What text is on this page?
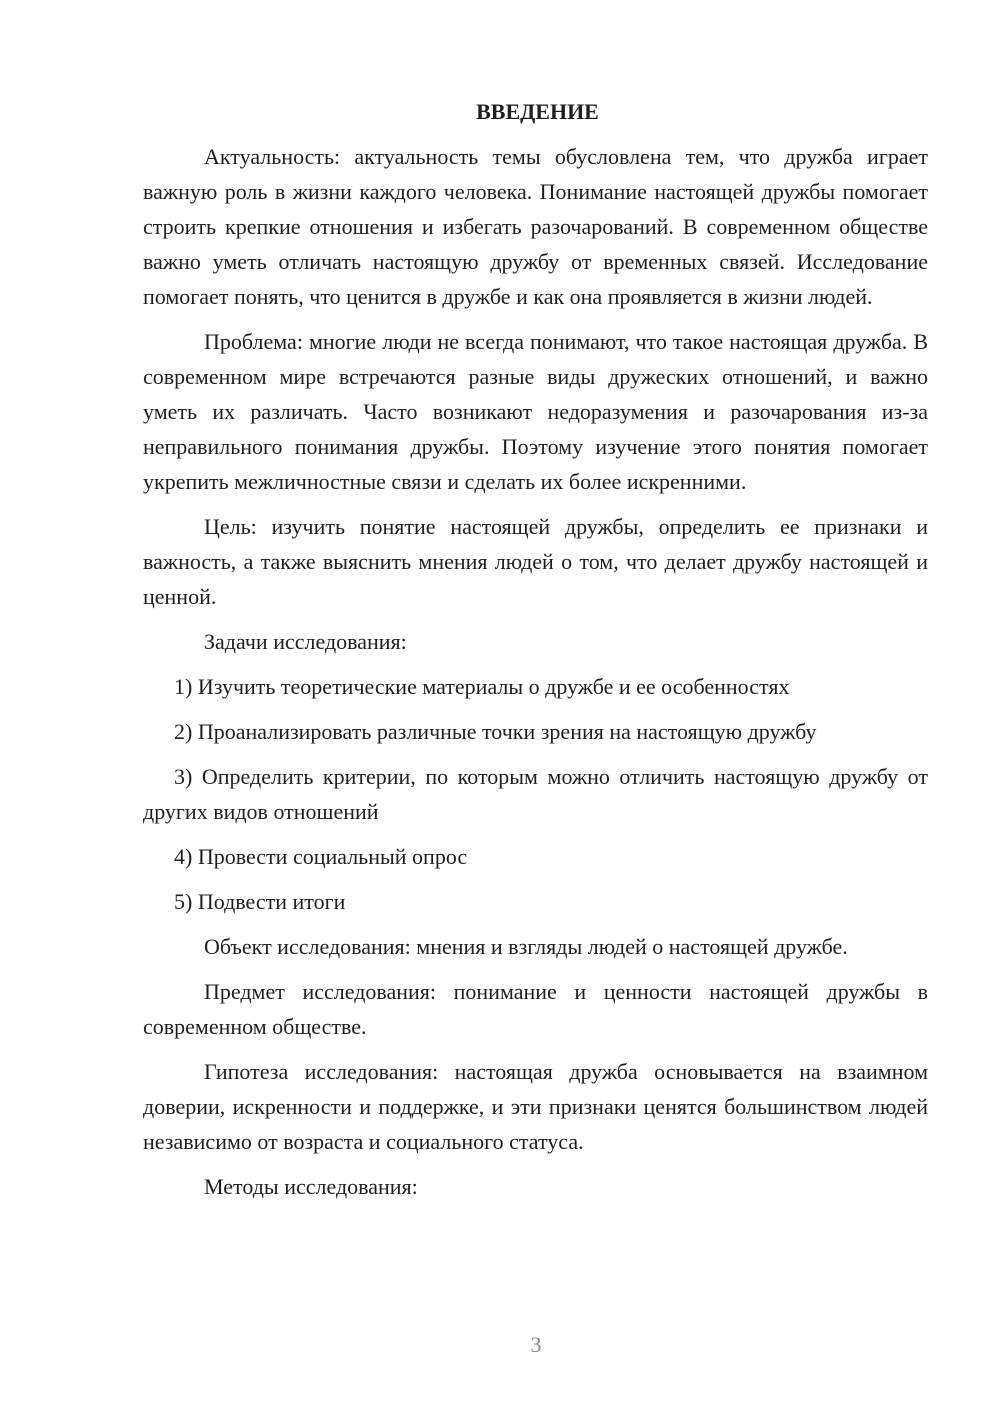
ВВЕДЕНИЕ

Актуальность: актуальность темы обусловлена тем, что дружба играет важную роль в жизни каждого человека. Понимание настоящей дружбы помогает строить крепкие отношения и избегать разочарований. В современном обществе важно уметь отличать настоящую дружбу от временных связей. Исследование помогает понять, что ценится в дружбе и как она проявляется в жизни людей.

Проблема: многие люди не всегда понимают, что такое настоящая дружба. В современном мире встречаются разные виды дружеских отношений, и важно уметь их различать. Часто возникают недоразумения и разочарования из-за неправильного понимания дружбы. Поэтому изучение этого понятия помогает укрепить межличностные связи и сделать их более искренними.

Цель: изучить понятие настоящей дружбы, определить ее признаки и важность, а также выяснить мнения людей о том, что делает дружбу настоящей и ценной.

Задачи исследования:

1) Изучить теоретические материалы о дружбе и ее особенностях

2) Проанализировать различные точки зрения на настоящую дружбу

3) Определить критерии, по которым можно отличить настоящую дружбу от других видов отношений

4) Провести социальный опрос

5) Подвести итоги

Объект исследования: мнения и взгляды людей о настоящей дружбе.

Предмет исследования: понимание и ценности настоящей дружбы в современном обществе.

Гипотеза исследования: настоящая дружба основывается на взаимном доверии, искренности и поддержке, и эти признаки ценятся большинством людей независимо от возраста и социального статуса.

Методы исследования:

3
